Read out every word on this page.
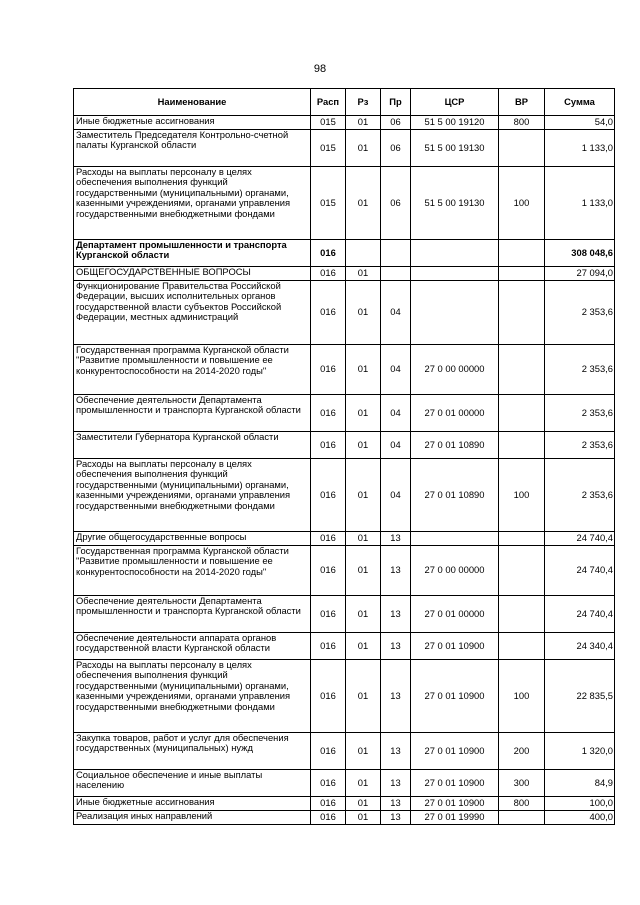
98
Наименование	Расп	Рз	Пр	ЦСР	ВР	Сумма
Иные бюджетные ассигнования	015	01	06	51 5 00 19120	800	54,0
Заместитель Председателя Контрольно-счетной палаты Курганской области	015	01	06	51 5 00 19130		1 133,0
Расходы на выплаты персоналу в целях обеспечения выполнения функций государственными (муниципальными) органами, казенными учреждениями, органами управления государственными внебюджетными фондами	015	01	06	51 5 00 19130	100	1 133,0
Департамент промышленности и транспорта Курганской области	016					308 048,6
ОБЩЕГОСУДАРСТВЕННЫЕ ВОПРОСЫ	016	01				27 094,0
Функционирование Правительства Российской Федерации, высших исполнительных органов государственной власти субъектов Российской Федерации, местных администраций	016	01	04			2 353,6
Государственная программа Курганской области "Развитие промышленности и повышение ее конкурентоспособности на 2014-2020 годы"	016	01	04	27 0 00 00000		2 353,6
Обеспечение деятельности Департамента промышленности и транспорта Курганской области	016	01	04	27 0 01 00000		2 353,6
Заместители Губернатора Курганской области	016	01	04	27 0 01 10890		2 353,6
Расходы на выплаты персоналу в целях обеспечения выполнения функций государственными (муниципальными) органами, казенными учреждениями, органами управления государственными внебюджетными фондами	016	01	04	27 0 01 10890	100	2 353,6
Другие общегосударственные вопросы	016	01	13			24 740,4
Государственная программа Курганской области "Развитие промышленности и повышение ее конкурентоспособности на 2014-2020 годы"	016	01	13	27 0 00 00000		24 740,4
Обеспечение деятельности Департамента промышленности и транспорта Курганской области	016	01	13	27 0 01 00000		24 740,4
Обеспечение деятельности аппарата органов государственной власти Курганской области	016	01	13	27 0 01 10900		24 340,4
Расходы на выплаты персоналу в целях обеспечения выполнения функций государственными (муниципальными) органами, казенными учреждениями, органами управления государственными внебюджетными фондами	016	01	13	27 0 01 10900	100	22 835,5
Закупка товаров, работ и услуг для обеспечения государственных (муниципальных) нужд	016	01	13	27 0 01 10900	200	1 320,0
Социальное обеспечение и иные выплаты населению	016	01	13	27 0 01 10900	300	84,9
Иные бюджетные ассигнования	016	01	13	27 0 01 10900	800	100,0
Реализация иных направлений	016	01	13	27 0 01 19990		400,0
